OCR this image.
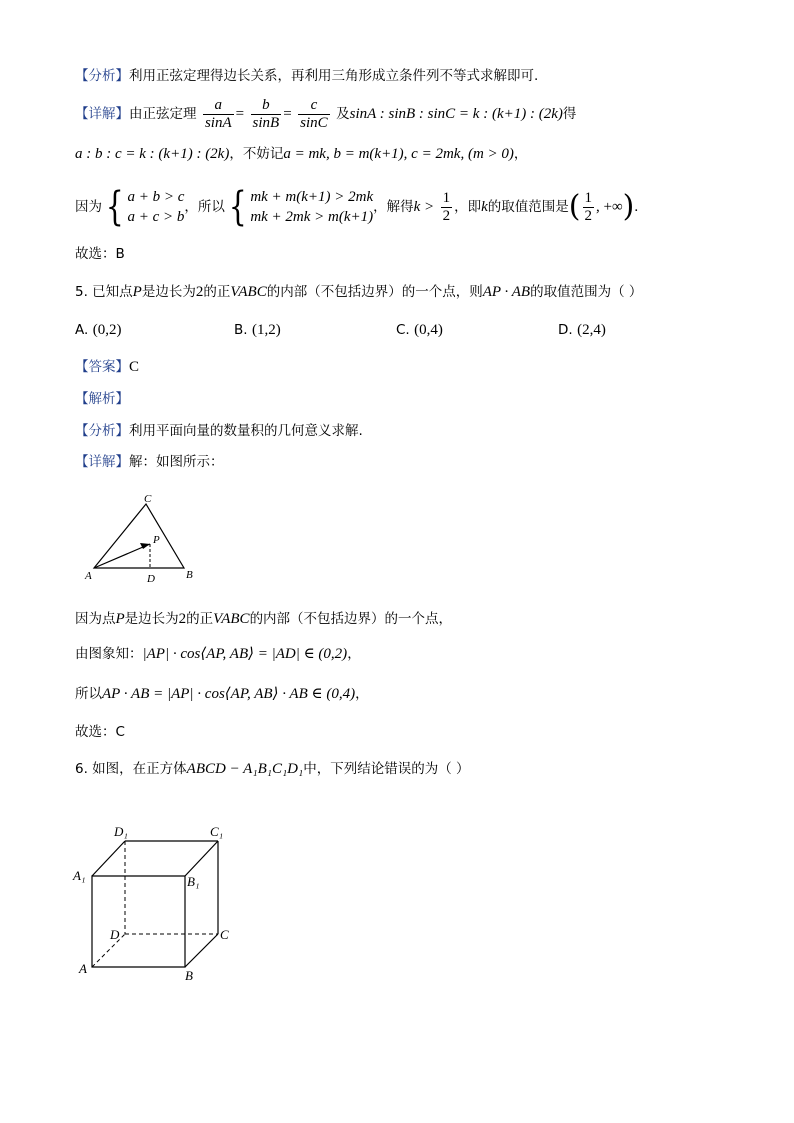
【分析】利用正弦定理得边长关系，再利用三角形成立条件列不等式求解即可.
【详解】由正弦定理 $\frac{a}{\sin A} = \frac{b}{\sin B} = \frac{c}{\sin C}$ 及sinA : sinB : sinC = k : (k+1) : (2k)得
a : b : c = k : (k+1) : (2k)，不妨记a = mk, b = m(k+1), c = 2mk, (m > 0)，
因为{ a + b > c
a + c > b
，所以{ mk + m(k+1) > 2mk
mk + 2mk > m(k+1)
，解得$k > \frac{1}{2}$ ，即k的取值范围是( $\frac{1}{2}$ , +∞).
故选：B
5. 已知点P是边长为2的正VABC的内部（不包括边界）的一个点，则AP · AB的取值范围为（ ）
A. (0,2)	B. (1,2)	C. (0,4)	D. (2,4)
【答案】C
【解析】
【分析】利用平面向量的数量积的几何意义求解.
【详解】解：如图所示：
C
P
A	D	B
因为点P是边长为2的正VABC的内部（不包括边界）的一个点，
由图象知：|AP| · cos⟨AP, AB⟩ = |AD| ∈ (0,2)，
所以AP · AB = |AP| · cos⟨AP, AB⟩ · AB ∈ (0,4)，
故选：C
6. 如图，在正方体ABCD − A₁B₁C₁D₁中，下列结论错误的为（ ）
D₁	C₁
A₁	B₁
D	C
A	B
